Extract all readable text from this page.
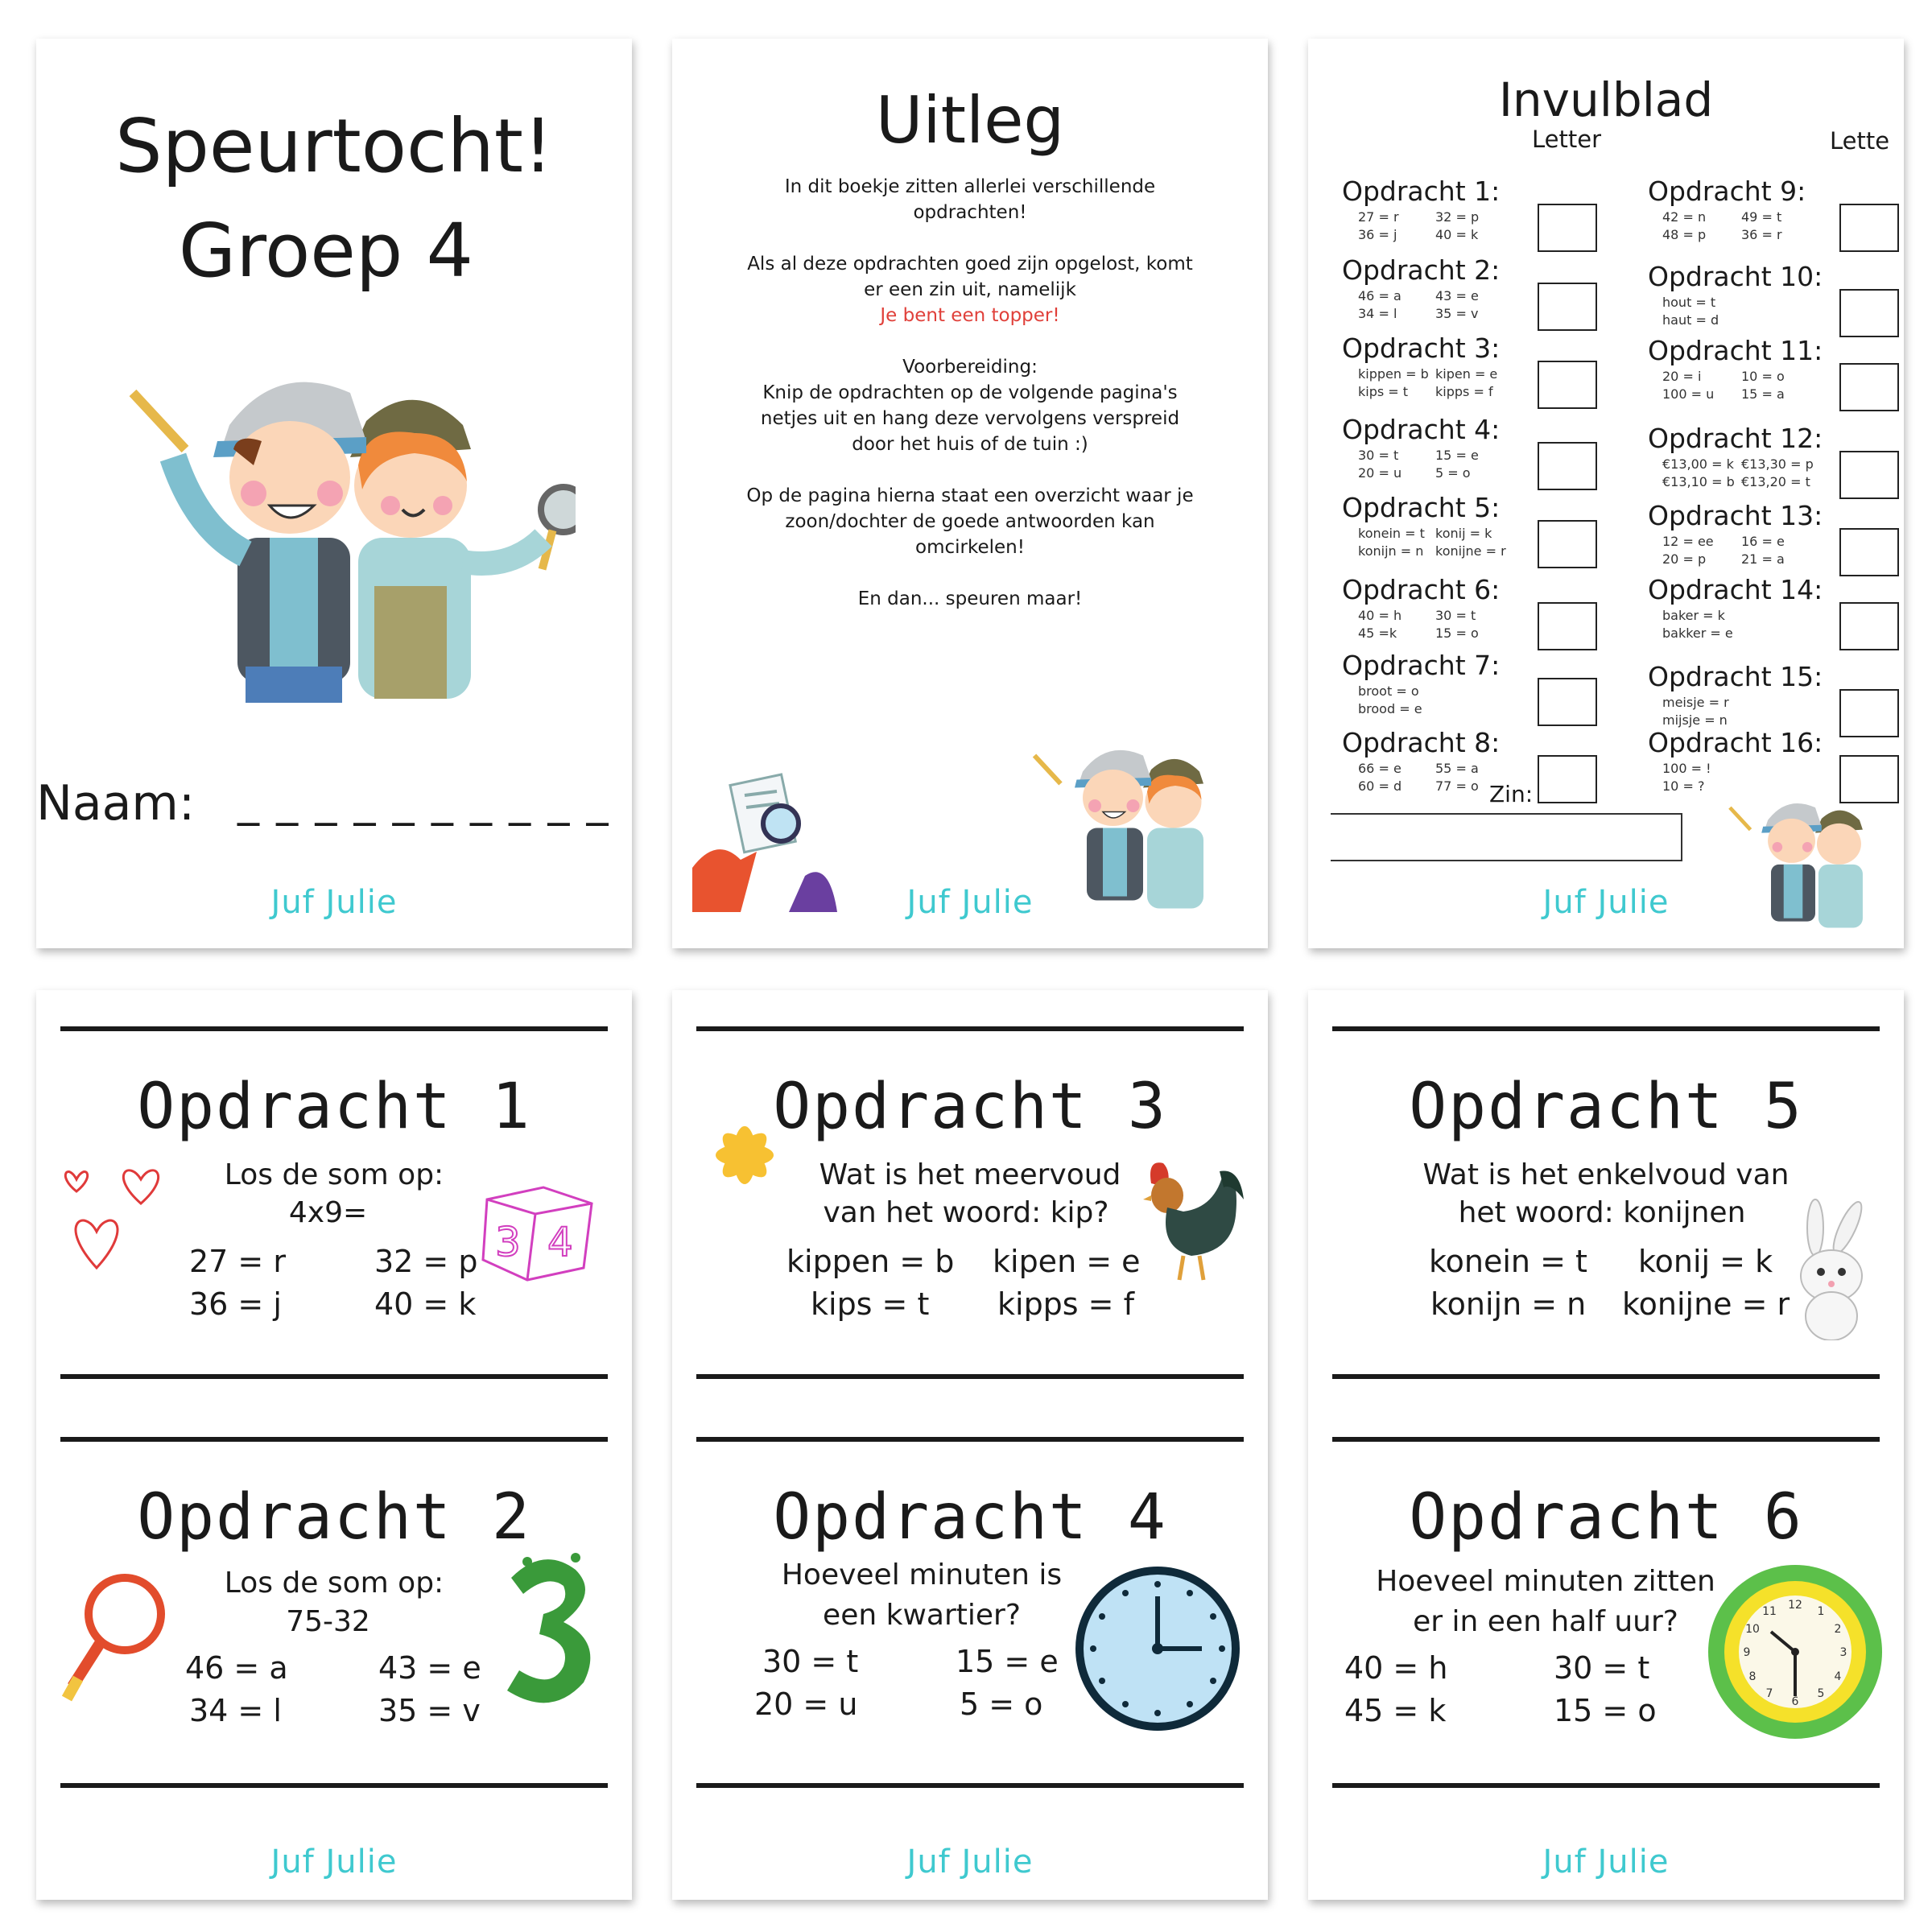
Speurtocht!
Groep 4
Naam: _ _ _ _ _ _ _ _ _ _
Juf Julie
Uitleg

In dit boekje zitten allerlei verschillende opdrachten!

Als al deze opdrachten goed zijn opgelost, komt er een zin uit, namelijk

Je bent een topper!

Voorbereiding:

Knip de opdrachten op de volgende pagina's netjes uit en hang deze vervolgens verspreid door het huis of de tuin :)

Op de pagina hierna staat een overzicht waar je zoon/dochter de goede antwoorden kan omcirkelen!

En dan... speuren maar!

Juf Julie
Invulblad
Letter	Lette
Opdracht 1:
27 = r	32 = p
36 = j	40 = k
Opdracht 2:
46 = a	43 = e
34 = l	35 = v
Opdracht 3:
kippen = b kipen = e
kips = t kipps = f
Opdracht 4:
30 = t	15 = e
20 = u	5 = o
Opdracht 5:
konein = t konij = k
konijn = n konijne = r
Opdracht 6:
40 = h	30 = t
45 =k	15 = o
Opdracht 7:
broot = o
brood = e
Opdracht 8:
66 = e	55 = a
60 = d	77 = o
Opdracht 9:
42 = n	49 = t
48 = p	36 = r
Opdracht 10:
hout = t
haut = d
Opdracht 11:
20 = i	10 = o
100 = u 15 = a
Opdracht 12:
€13,00 = k €13,30 = p
€13,10 = b €13,20 = t
Opdracht 13:
12 = ee 16 = e
20 = p	21 = a
Opdracht 14:
baker = k
bakker = e
Opdracht 15:
meisje = r
mijsje = n
Opdracht 16:
100 = !
10 = ?
Zin:
Juf Julie
Opdracht 1
Los de som op:
4x9=
27 = r	32 = p
36 = j	40 = k
3 4
Opdracht 2
Los de som op:
75-32
46 = a	43 = e
34 = l	35 = v
Juf Julie
Opdracht 3
Wat is het meervoud
van het woord: kip?
kippen = b kipen = e
kips = t kipps = f
Opdracht 4
Hoeveel minuten is
een kwartier?
30 = t	15 = e
20 = u	5 = o
Juf Julie
Opdracht 5
Wat is het enkelvoud van
het woord: konijnen
konein = t konij = k
konijn = n konijne = r
Opdracht 6
Hoeveel minuten zitten
er in een half uur?
40 = h	30 = t
45 = k	15 = o
12 1
2
3
4
5
6
7
8
9
10
11
Juf Julie
